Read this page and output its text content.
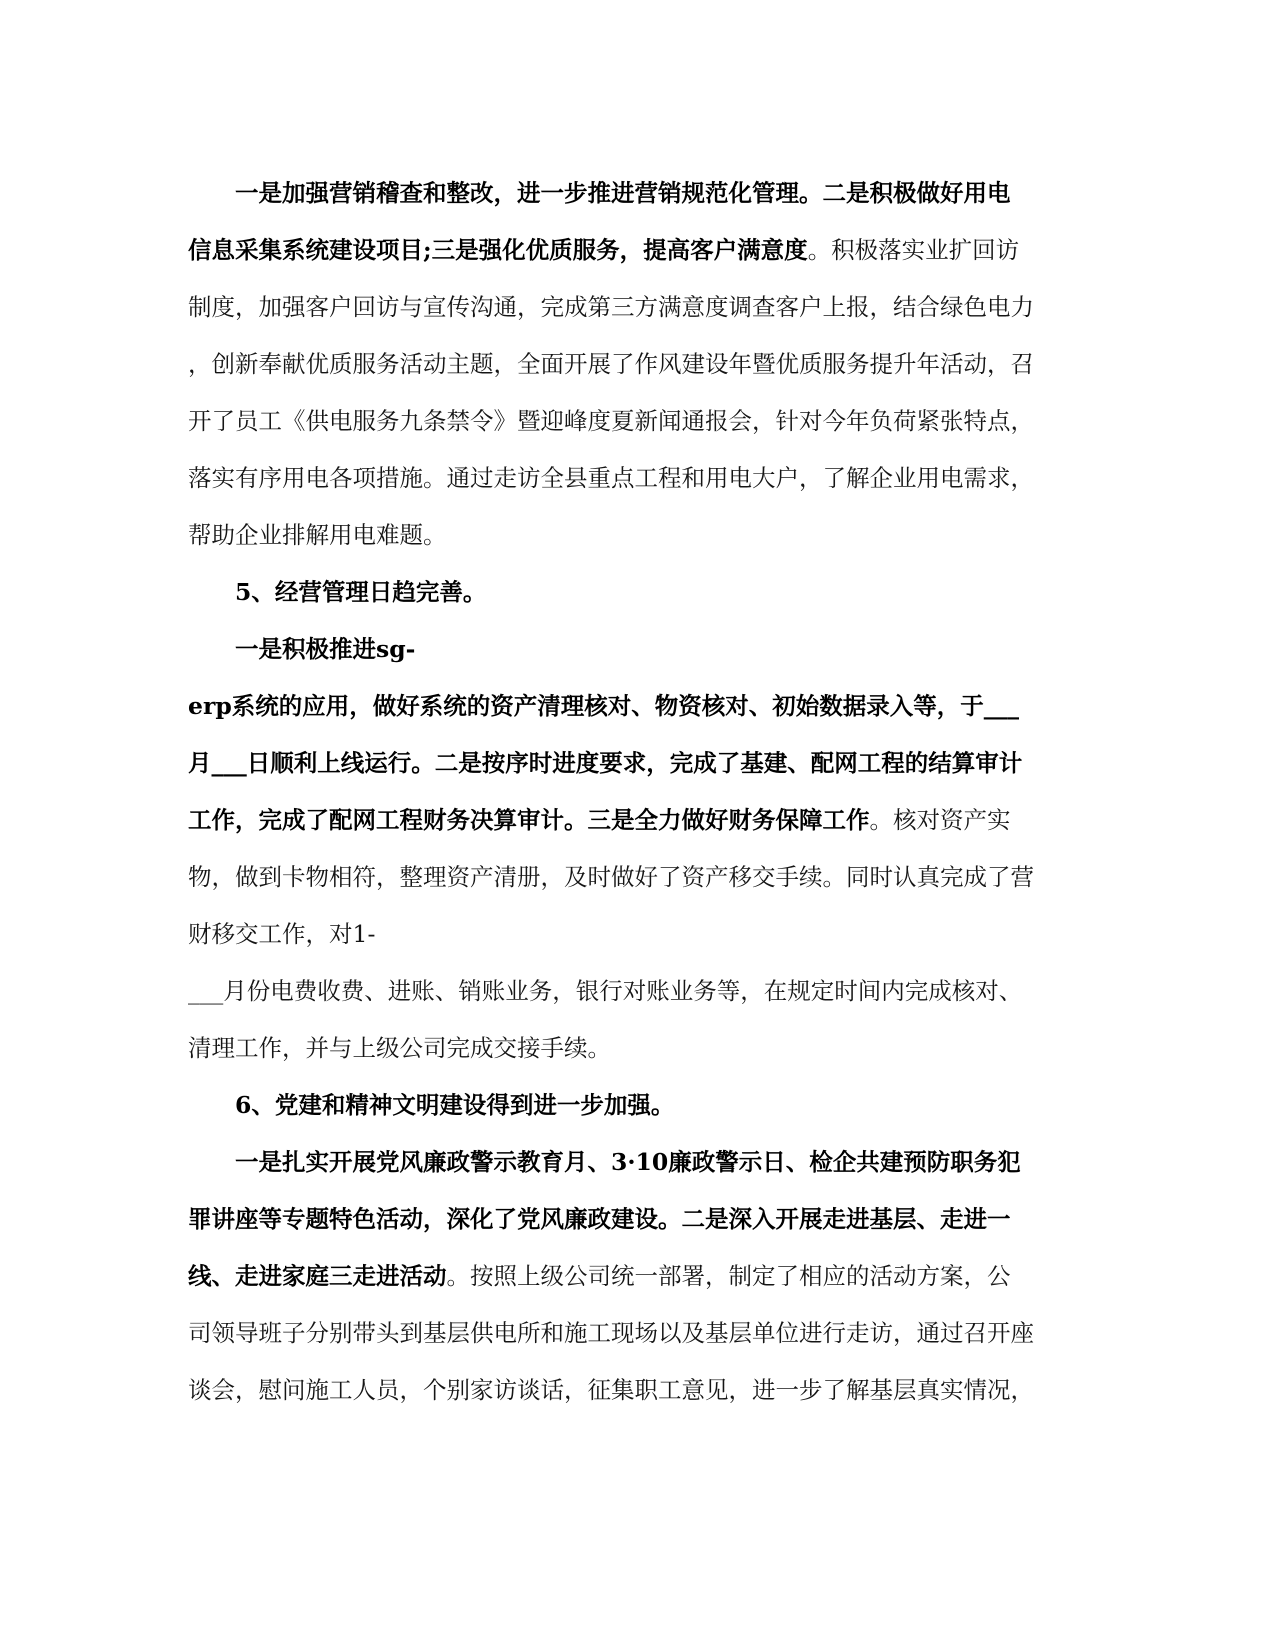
一是加强营销稽查和整改，进一步推进营销规范化管理。二是积极做好用电
信息采集系统建设项目;三是强化优质服务，提高客户满意度。积极落实业扩回访
制度，加强客户回访与宣传沟通，完成第三方满意度调查客户上报，结合绿色电力
，创新奉献优质服务活动主题，全面开展了作风建设年暨优质服务提升年活动，召
开了员工《供电服务九条禁令》暨迎峰度夏新闻通报会，针对今年负荷紧张特点，
落实有序用电各项措施。通过走访全县重点工程和用电大户，了解企业用电需求，
帮助企业排解用电难题。
5、经营管理日趋完善。
一是积极推进sg-
erp系统的应用，做好系统的资产清理核对、物资核对、初始数据录入等，于___
月___日顺利上线运行。二是按序时进度要求，完成了基建、配网工程的结算审计
工作，完成了配网工程财务决算审计。三是全力做好财务保障工作。核对资产实
物，做到卡物相符，整理资产清册，及时做好了资产移交手续。同时认真完成了营
财移交工作，对1-
___月份电费收费、进账、销账业务，银行对账业务等，在规定时间内完成核对、
清理工作，并与上级公司完成交接手续。
6、党建和精神文明建设得到进一步加强。
一是扎实开展党风廉政警示教育月、3·10廉政警示日、检企共建预防职务犯
罪讲座等专题特色活动，深化了党风廉政建设。二是深入开展走进基层、走进一
线、走进家庭三走进活动。按照上级公司统一部署，制定了相应的活动方案，公
司领导班子分别带头到基层供电所和施工现场以及基层单位进行走访，通过召开座
谈会，慰问施工人员，个别家访谈话，征集职工意见，进一步了解基层真实情况，
